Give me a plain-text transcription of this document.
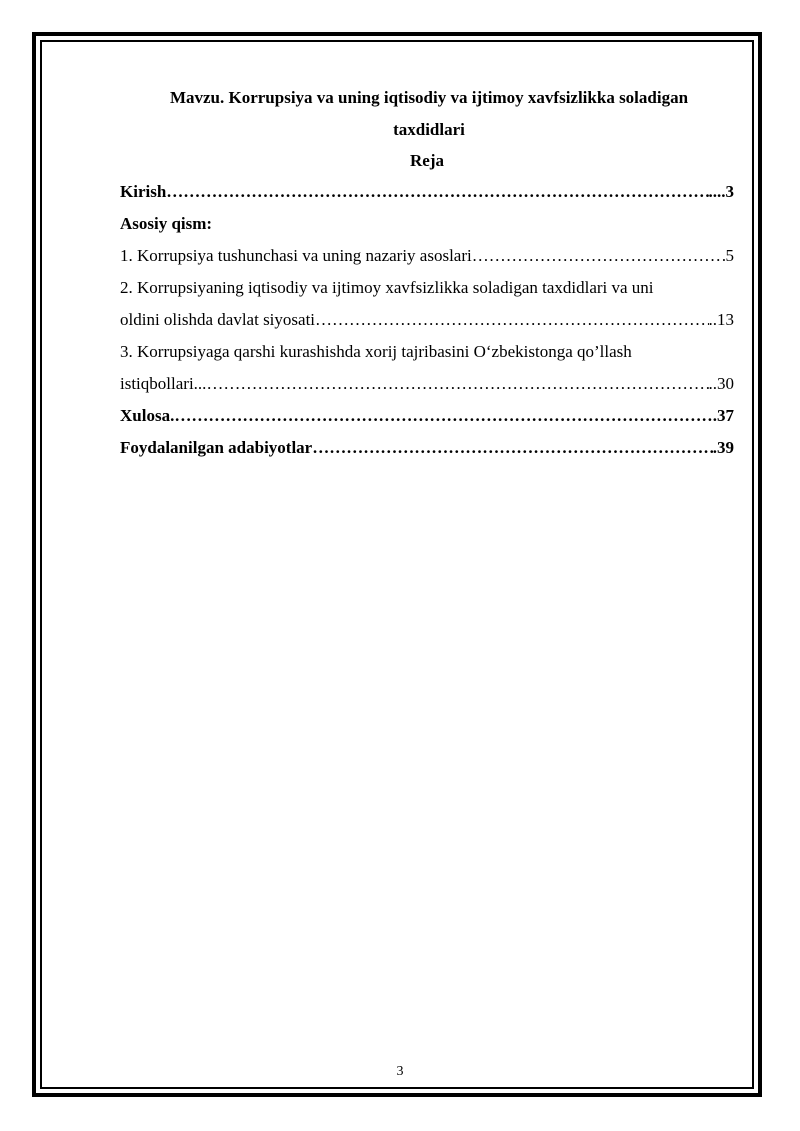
Mavzu. Korrupsiya va uning iqtisodiy va ijtimoy xavfsizlikka soladigan
taxdidlari

Reja

Kirish …………………………………………………………………………………………………………………………………………………………	....3

Asosiy qism:

1. Korrupsiya tushunchasi va uning nazariy asoslari …………………………………………………………………………………………………………………………………………………………	5
2. Korrupsiyaning iqtisodiy va ijtimoy xavfsizlikka soladigan taxdidlari va uni
oldini olishda davlat siyosati …………………………………………………………………………………………………………………………………………………………	..13
3. Korrupsiyaga qarshi kurashishda xorij tajribasini O‘zbekistonga qo’llash
istiqbollari... …………………………………………………………………………………………………………………………………………………………	..30
Xulosa. …………………………………………………………………………………………………………………………………………………………	.37
Foydalanilgan adabiyotlar …………………………………………………………………………………………………………………………………………………………	.39
3
